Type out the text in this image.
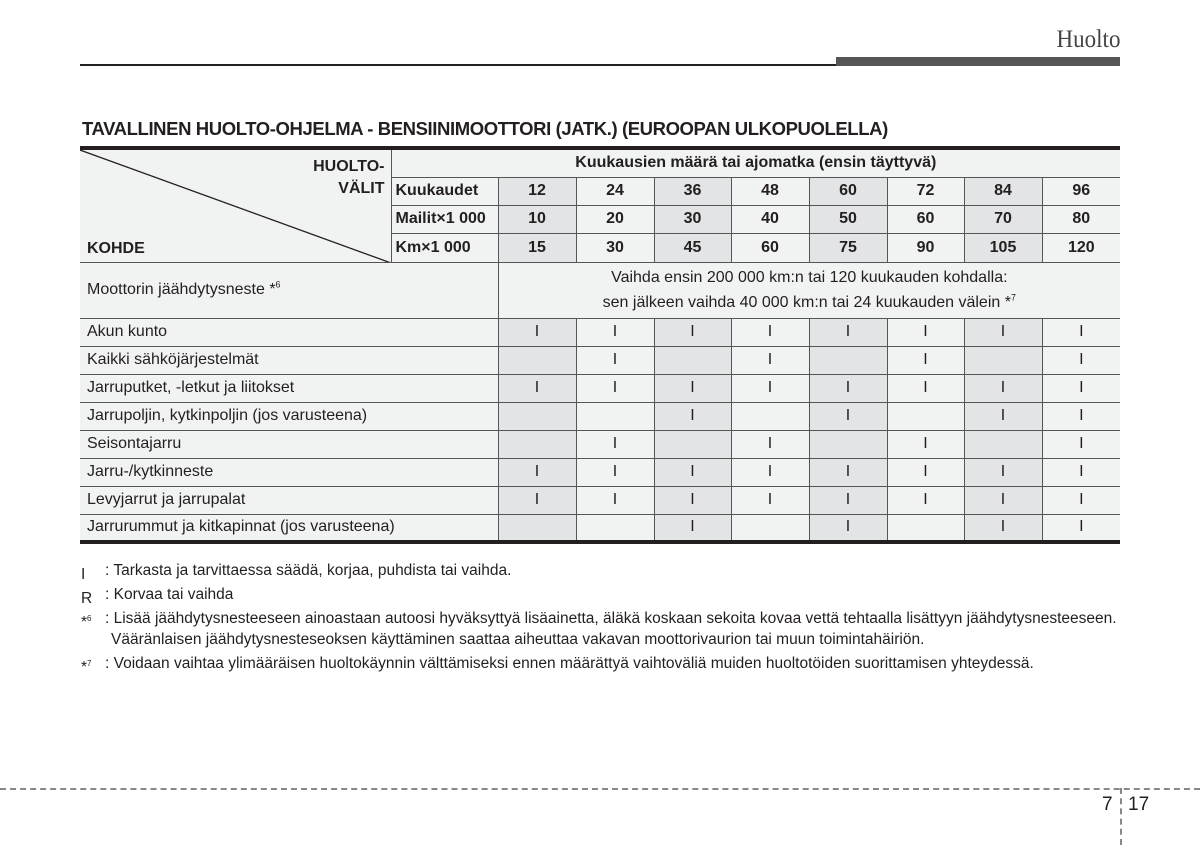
Huolto
TAVALLINEN HUOLTO-OHJELMA - BENSIINIMOOTTORI (JATK.) (EUROOPAN ULKOPUOLELLA)
HUOLTO-
VÄLIT
KOHDE	Kuukausien määrä tai ajomatka (ensin täyttyvä)								
	Kuukaudet	12	24	36	48	60	72	84	96
	Mailit×1 000	10	20	30	40	50	60	70	80
	Km×1 000	15	30	45	60	75	90	105	120
Moottorin jäähdytysneste *$^6$		Vaihda ensin 200 000 km:n tai 120 kuukauden kohdalla:
sen jälkeen vaihda 40 000 km:n tai 24 kuukauden välein *$^7$

Akun kunto		I	I	I	I	I	I	I	I
Kaikki sähköjärjestelmät			I		I		I		I
Jarruputket, -letkut ja liitokset		I	I	I	I	I	I	I	I
Jarrupoljin, kytkinpoljin (jos varusteena)				I		I		I	I
Seisontajarru			I		I		I		I
Jarru-/kytkinneste		I	I	I	I	I	I	I	I
Levyjarrut ja jarrupalat		I	I	I	I	I	I	I	I
Jarrurummut ja kitkapinnat (jos varusteena)				I		I		I	I
I : Tarkasta ja tarvittaessa säädä, korjaa, puhdista tai vaihda.
R : Korvaa tai vaihda
*$^6$ : Lisää jäähdytysnesteeseen ainoastaan autoosi hyväksyttyä lisäainetta, äläkä koskaan sekoita kovaa vettä tehtaalla lisättyyn jäähdytysnesteeseen. Vääränlaisen jäähdytysnesteseoksen käyttäminen saattaa aiheuttaa vakavan moottorivaurion tai muun toimintahäiriön.
*$^7$ : Voidaan vaihtaa ylimääräisen huoltokäynnin välttämiseksi ennen määrättyä vaihtoväliä muiden huoltotöiden suorittamisen yhteydessä.
7 17
